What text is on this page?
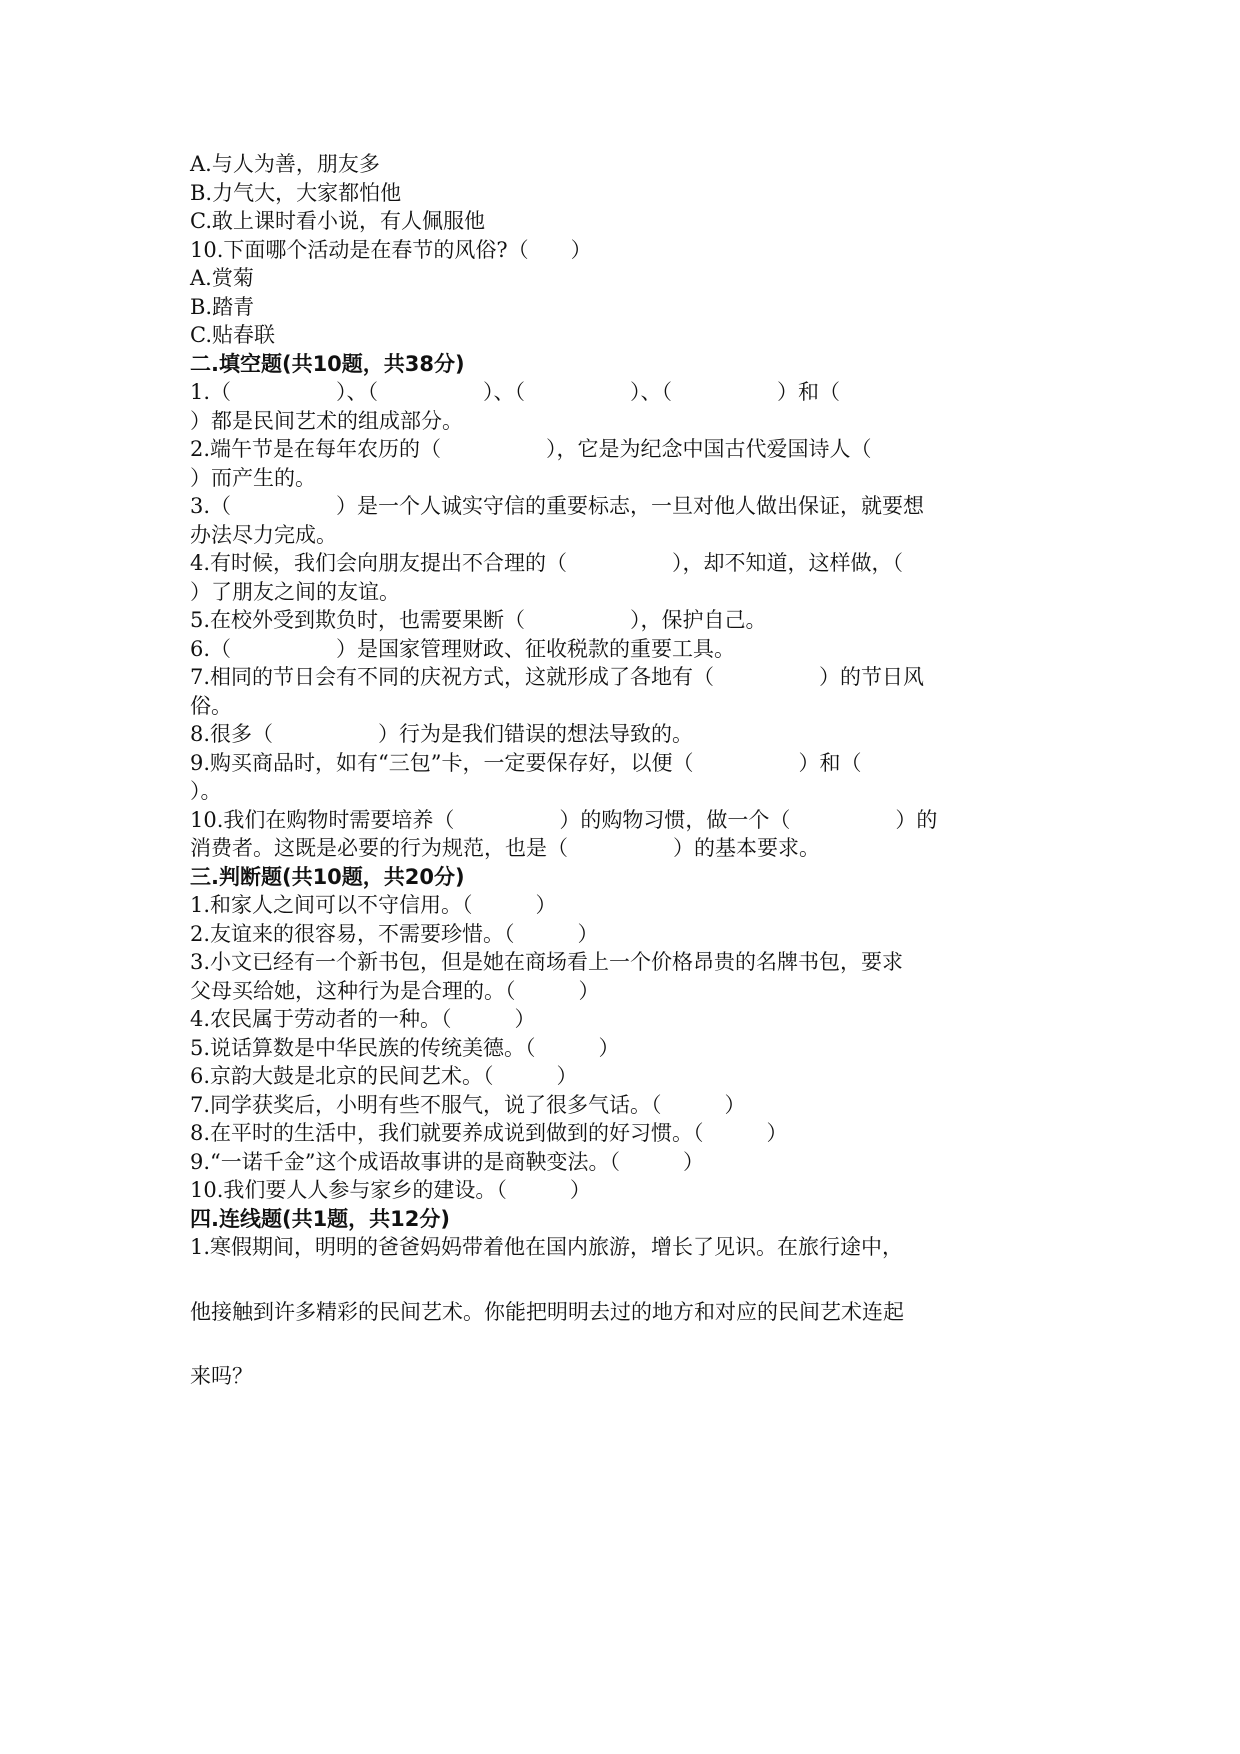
A.与人为善，朋友多
B.力气大，大家都怕他
C.敢上课时看小说，有人佩服他
10.下面哪个活动是在春节的风俗?（　　）
A.赏菊
B.踏青
C.贴春联
二.填空题(共10题，共38分)
1.（　　　　　）、（　　　　　）、（　　　　　）、（　　　　　）和（
）都是民间艺术的组成部分。
2.端午节是在每年农历的（　　　　　），它是为纪念中国古代爱国诗人（
）而产生的。
3.（　　　　　）是一个人诚实守信的重要标志，一旦对他人做出保证，就要想
办法尽力完成。
4.有时候，我们会向朋友提出不合理的（　　　　　），却不知道，这样做，（
）了朋友之间的友谊。
5.在校外受到欺负时，也需要果断（　　　　　），保护自己。
6.（　　　　　）是国家管理财政、征收税款的重要工具。
7.相同的节日会有不同的庆祝方式，这就形成了各地有（　　　　　）的节日风
俗。
8.很多（　　　　　）行为是我们错误的想法导致的。
9.购买商品时，如有“三包”卡，一定要保存好，以便（　　　　　）和（
）。
10.我们在购物时需要培养（　　　　　）的购物习惯，做一个（　　　　　）的
消费者。这既是必要的行为规范，也是（　　　　　）的基本要求。
三.判断题(共10题，共20分)
1.和家人之间可以不守信用。（　　　）
2.友谊来的很容易，不需要珍惜。（　　　）
3.小文已经有一个新书包，但是她在商场看上一个价格昂贵的名牌书包，要求
父母买给她，这种行为是合理的。（　　　）
4.农民属于劳动者的一种。（　　　）
5.说话算数是中华民族的传统美德。（　　　）
6.京韵大鼓是北京的民间艺术。（　　　）
7.同学获奖后，小明有些不服气，说了很多气话。（　　　）
8.在平时的生活中，我们就要养成说到做到的好习惯。（　　　）
9.“一诺千金”这个成语故事讲的是商鞅变法。（　　　）
10.我们要人人参与家乡的建设。（　　　）
四.连线题(共1题，共12分)

1.寒假期间，明明的爸爸妈妈带着他在国内旅游，增长了见识。在旅行途中，

他接触到许多精彩的民间艺术。你能把明明去过的地方和对应的民间艺术连起

来吗？
